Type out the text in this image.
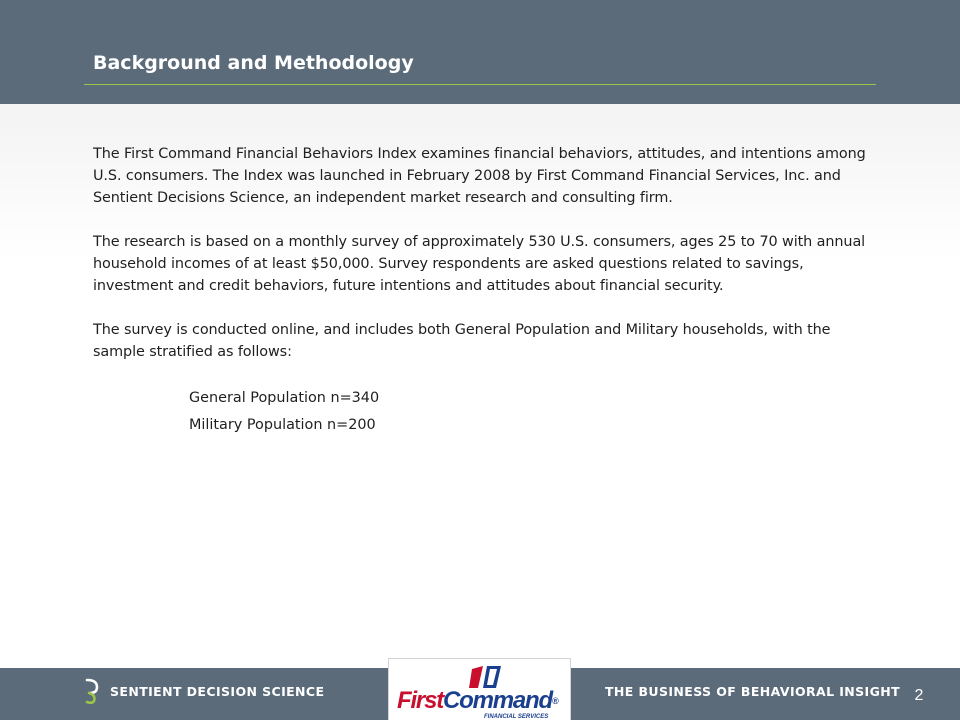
Background and Methodology

The First Command Financial Behaviors Index examines financial behaviors, attitudes, and intentions among U.S. consumers. The Index was launched in February 2008 by First Command Financial Services, Inc. and Sentient Decisions Science, an independent market research and consulting firm.

The research is based on a monthly survey of approximately 530 U.S. consumers, ages 25 to 70 with annual household incomes of at least $50,000. Survey respondents are asked questions related to savings, investment and credit behaviors, future intentions and attitudes about financial security.

The survey is conducted online, and includes both General Population and Military households, with the sample stratified as follows:

General Population n=340
Military Population n=200
SENTIENT DECISION SCIENCE	FirstCommand®
FINANCIAL SERVICES
THE BUSINESS OF BEHAVIORAL INSIGHT 2
